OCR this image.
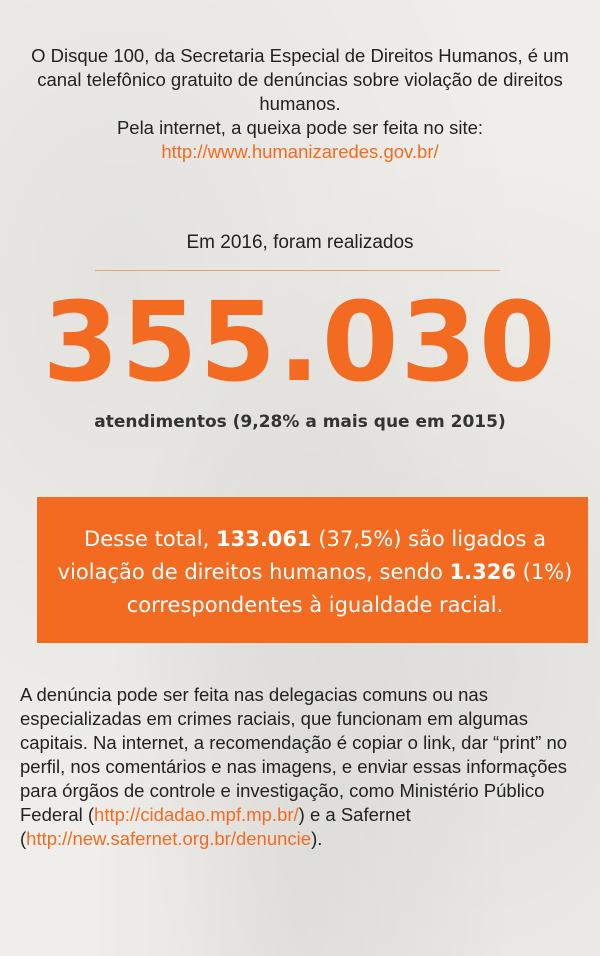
O Disque 100, da Secretaria Especial de Direitos Humanos, é um canal telefônico gratuito de denúncias sobre violação de direitos humanos.

Pela internet, a queixa pode ser feita no site:

http://www.humanizaredes.gov.br/

Em 2016, foram realizados
355.030
atendimentos (9,28% a mais que em 2015)
Desse total, 133.061 (37,5%) são ligados a violação de direitos humanos, sendo 1.326 (1%) correspondentes à igualdade racial.
A denúncia pode ser feita nas delegacias comuns ou nas especializadas em crimes raciais, que funcionam em algumas capitais. Na internet, a recomendação é copiar o link, dar “print” no perfil, nos comentários e nas imagens, e enviar essas informações para órgãos de controle e investigação, como Ministério Público Federal (http://cidadao.mpf.mp.br/) e a Safernet (http://new.safernet.org.br/denuncie).
